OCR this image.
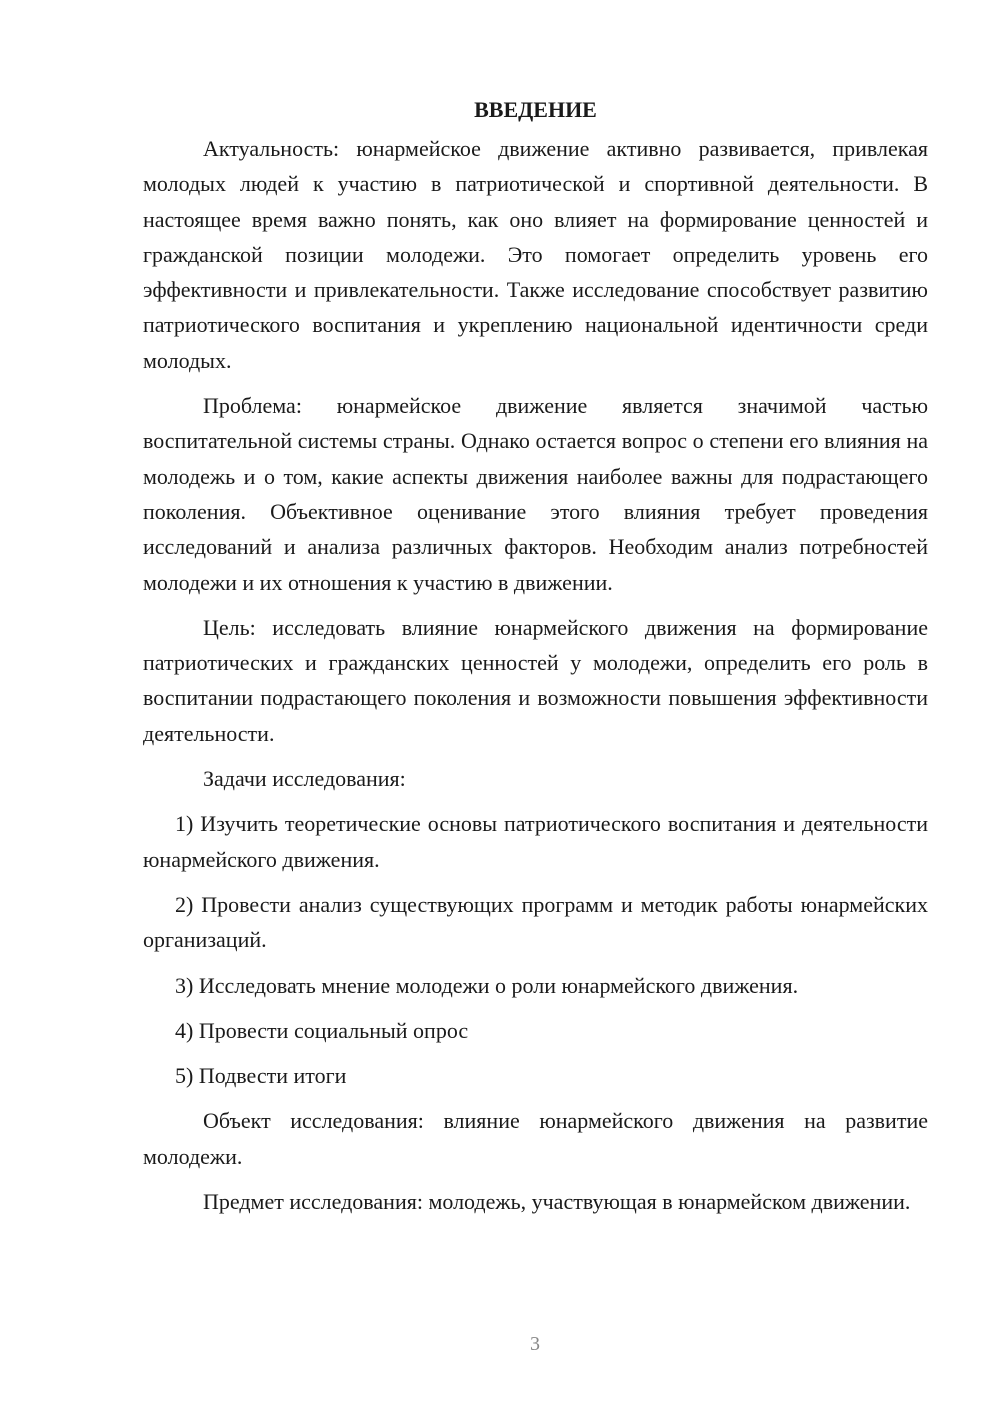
ВВЕДЕНИЕ

Актуальность: юнармейское движение активно развивается, привлекая молодых людей к участию в патриотической и спортивной деятельности. В настоящее время важно понять, как оно влияет на формирование ценностей и гражданской позиции молодежи. Это помогает определить уровень его эффективности и привлекательности. Также исследование способствует развитию патриотического воспитания и укреплению национальной идентичности среди молодых.

Проблема: юнармейское движение является значимой частью воспитательной системы страны. Однако остается вопрос о степени его влияния на молодежь и о том, какие аспекты движения наиболее важны для подрастающего поколения. Объективное оценивание этого влияния требует проведения исследований и анализа различных факторов. Необходим анализ потребностей молодежи и их отношения к участию в движении.

Цель: исследовать влияние юнармейского движения на формирование патриотических и гражданских ценностей у молодежи, определить его роль в воспитании подрастающего поколения и возможности повышения эффективности деятельности.

Задачи исследования:

1) Изучить теоретические основы патриотического воспитания и деятельности юнармейского движения.

2) Провести анализ существующих программ и методик работы юнармейских организаций.

3) Исследовать мнение молодежи о роли юнармейского движения.

4) Провести социальный опрос

5) Подвести итоги

Объект исследования: влияние юнармейского движения на развитие молодежи.

Предмет исследования: молодежь, участвующая в юнармейском движении.

3
